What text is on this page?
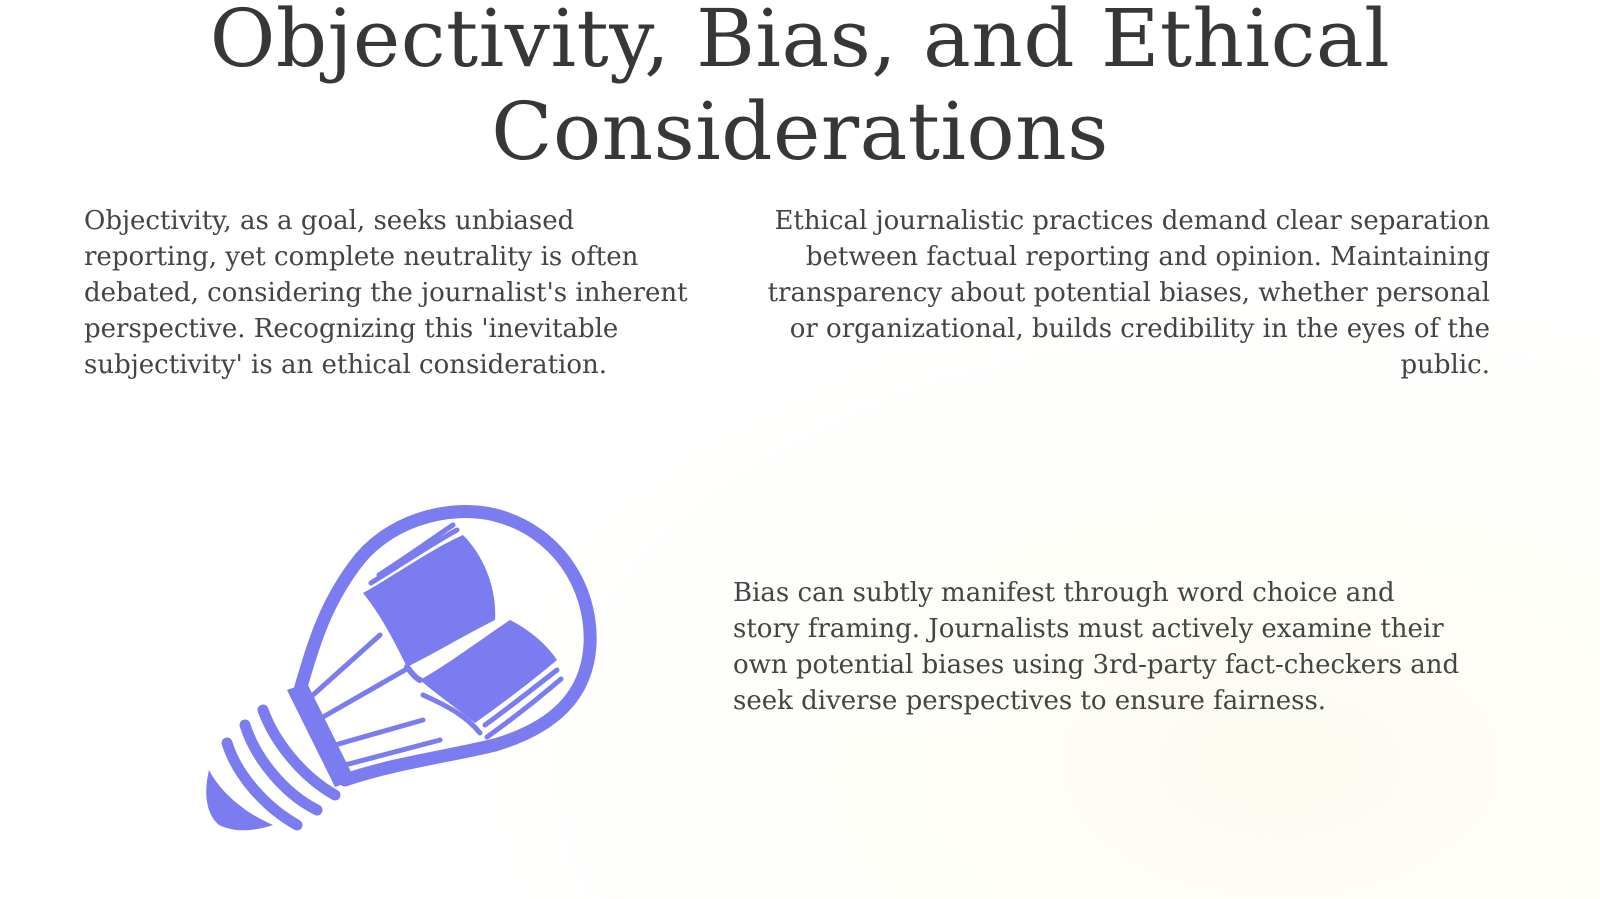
Objectivity, Bias, and Ethical Considerations

Objectivity, as a goal, seeks unbiased reporting, yet complete neutrality is often debated, considering the journalist's inherent perspective. Recognizing this 'inevitable subjectivity' is an ethical consideration.

Ethical journalistic practices demand clear separation between factual reporting and opinion. Maintaining transparency about potential biases, whether personal or organizational, builds credibility in the eyes of the public.

Bias can subtly manifest through word choice and story framing. Journalists must actively examine their own potential biases using 3rd-party fact-checkers and seek diverse perspectives to ensure fairness.
